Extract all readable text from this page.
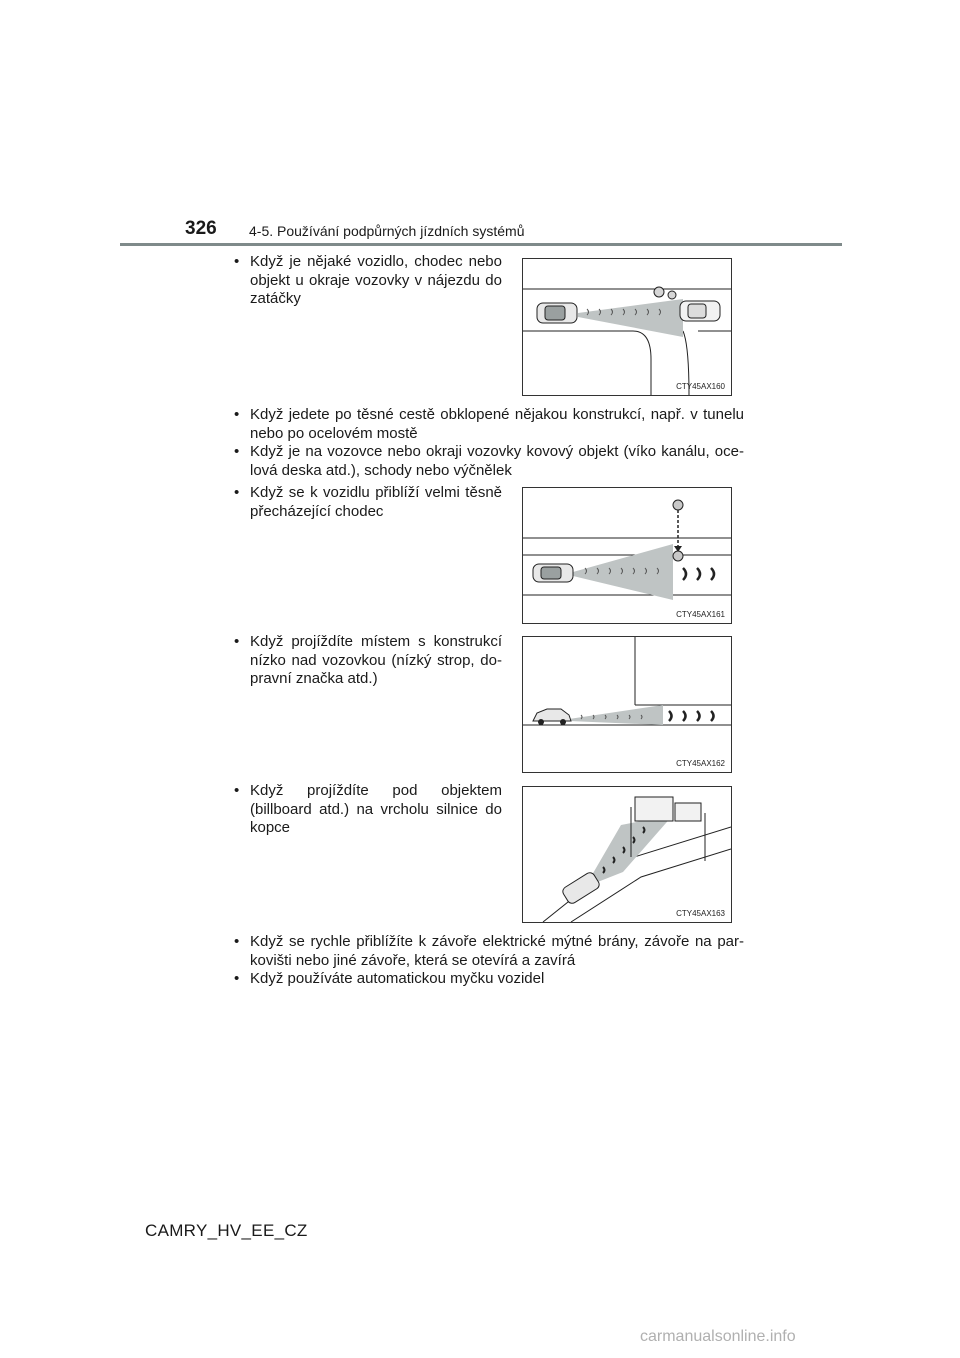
326 4-5. Používání podpůrných jízdních systémů
• Když je nějaké vozidlo, chodec nebo objekt u okraje vozovky v nájezdu do zatáčky
CTY45AX160
• Když jedete po těsné cestě obklopené nějakou konstrukcí, např. v tunelu nebo po ocelovém mostě
• Když je na vozovce nebo okraji vozovky kovový objekt (víko kanálu, oce- lová deska atd.), schody nebo výčnělek
• Když se k vozidlu přiblíží velmi těsně přecházející chodec
CTY45AX161
• Když projíždíte místem s konstrukcí nízko nad vozovkou (nízký strop, do- pravní značka atd.)
CTY45AX162
• Když projíždíte pod objektem (billboard atd.) na vrcholu silnice do kopce
CTY45AX163
• Když se rychle přiblížíte k závoře elektrické mýtné brány, závoře na par- kovišti nebo jiné závoře, která se otevírá a zavírá
• Když používáte automatickou myčku vozidel
CAMRY_HV_EE_CZ
carmanualsonline.info
